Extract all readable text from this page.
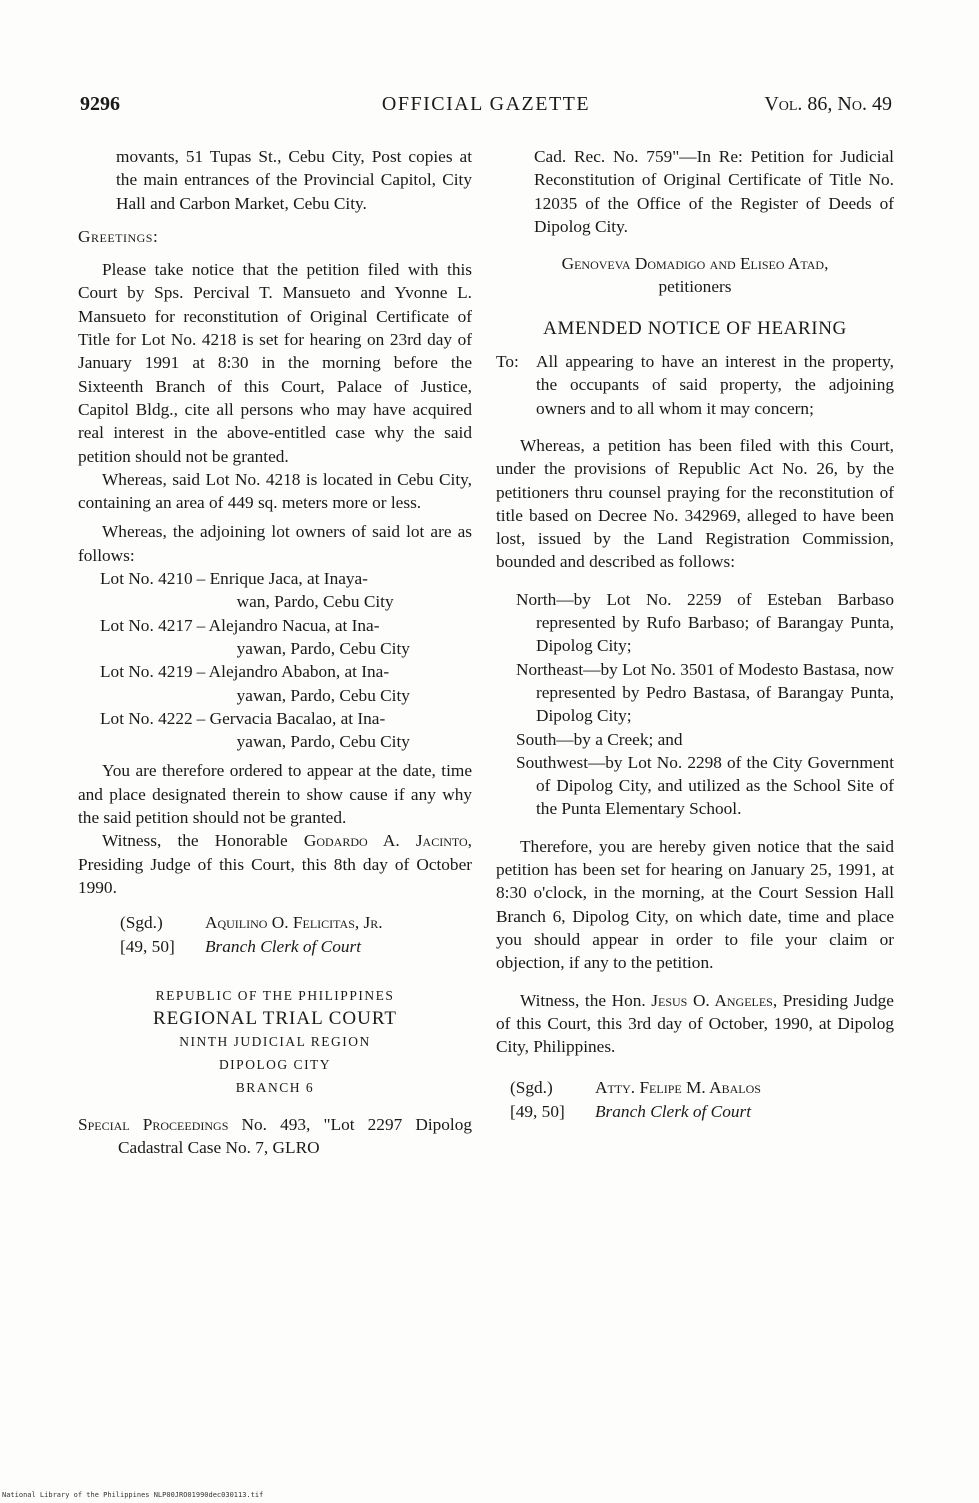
9296	OFFICIAL GAZETTE	Vol. 86, No. 49

movants, 51 Tupas St., Cebu City, Post copies at the main entrances of the Provincial Capitol, City Hall and Carbon Market, Cebu City.

Greetings:

Please take notice that the petition filed with this Court by Sps. Percival T. Mansueto and Yvonne L. Mansueto for reconstitution of Original Certificate of Title for Lot No. 4218 is set for hearing on 23rd day of January 1991 at 8:30 in the morning before the Sixteenth Branch of this Court, Palace of Justice, Capitol Bldg., cite all persons who may have acquired real interest in the above-entitled case why the said petition should not be granted.

Whereas, said Lot No. 4218 is located in Cebu City, containing an area of 449 sq. meters more or less.

Whereas, the adjoining lot owners of said lot are as follows:

Lot No. 4210 – Enrique Jaca, at Inaya-
wan, Pardo, Cebu City
Lot No. 4217 – Alejandro Nacua, at Ina-
yawan, Pardo, Cebu City
Lot No. 4219 – Alejandro Ababon, at Ina-
yawan, Pardo, Cebu City
Lot No. 4222 – Gervacia Bacalao, at Ina-
yawan, Pardo, Cebu City

You are therefore ordered to appear at the date, time and place designated therein to show cause if any why the said petition should not be granted.

Witness, the Honorable Godardo A. Jacinto, Presiding Judge of this Court, this 8th day of October 1990.

(Sgd.)
[49, 50]
Aquilino O. Felicitas, Jr.
Branch Clerk of Court
REPUBLIC OF THE PHILIPPINES
REGIONAL TRIAL COURT
NINTH JUDICIAL REGION
DIPOLOG CITY
BRANCH 6

Special Proceedings No. 493, "Lot 2297 Dipolog Cadastral Case No. 7, GLRO

Cad. Rec. No. 759"—In Re: Petition for Judicial Reconstitution of Original Certificate of Title No. 12035 of the Office of the Register of Deeds of Dipolog City.

Genoveva Domadigo and Eliseo Atad,

petitioners

AMENDED NOTICE OF HEARING

To: All appearing to have an interest in the property, the occupants of said property, the adjoining owners and to all whom it may concern;

Whereas, a petition has been filed with this Court, under the provisions of Republic Act No. 26, by the petitioners thru counsel praying for the reconstitution of title based on Decree No. 342969, alleged to have been lost, issued by the Land Registration Commission, bounded and described as follows:

North—by Lot No. 2259 of Esteban Barbaso represented by Rufo Barbaso; of Barangay Punta, Dipolog City;

Northeast—by Lot No. 3501 of Modesto Bastasa, now represented by Pedro Bastasa, of Barangay Punta, Dipolog City;

South—by a Creek; and

Southwest—by Lot No. 2298 of the City Government of Dipolog City, and utilized as the School Site of the Punta Elementary School.

Therefore, you are hereby given notice that the said petition has been set for hearing on January 25, 1991, at 8:30 o'clock, in the morning, at the Court Session Hall Branch 6, Dipolog City, on which date, time and place you should appear in order to file your claim or objection, if any to the petition.

Witness, the Hon. Jesus O. Angeles, Presiding Judge of this Court, this 3rd day of October, 1990, at Dipolog City, Philippines.

(Sgd.)
[49, 50]
Atty. Felipe M. Abalos
Branch Clerk of Court
National Library of the Philippines NLP00JRO01990dec030113.tif
